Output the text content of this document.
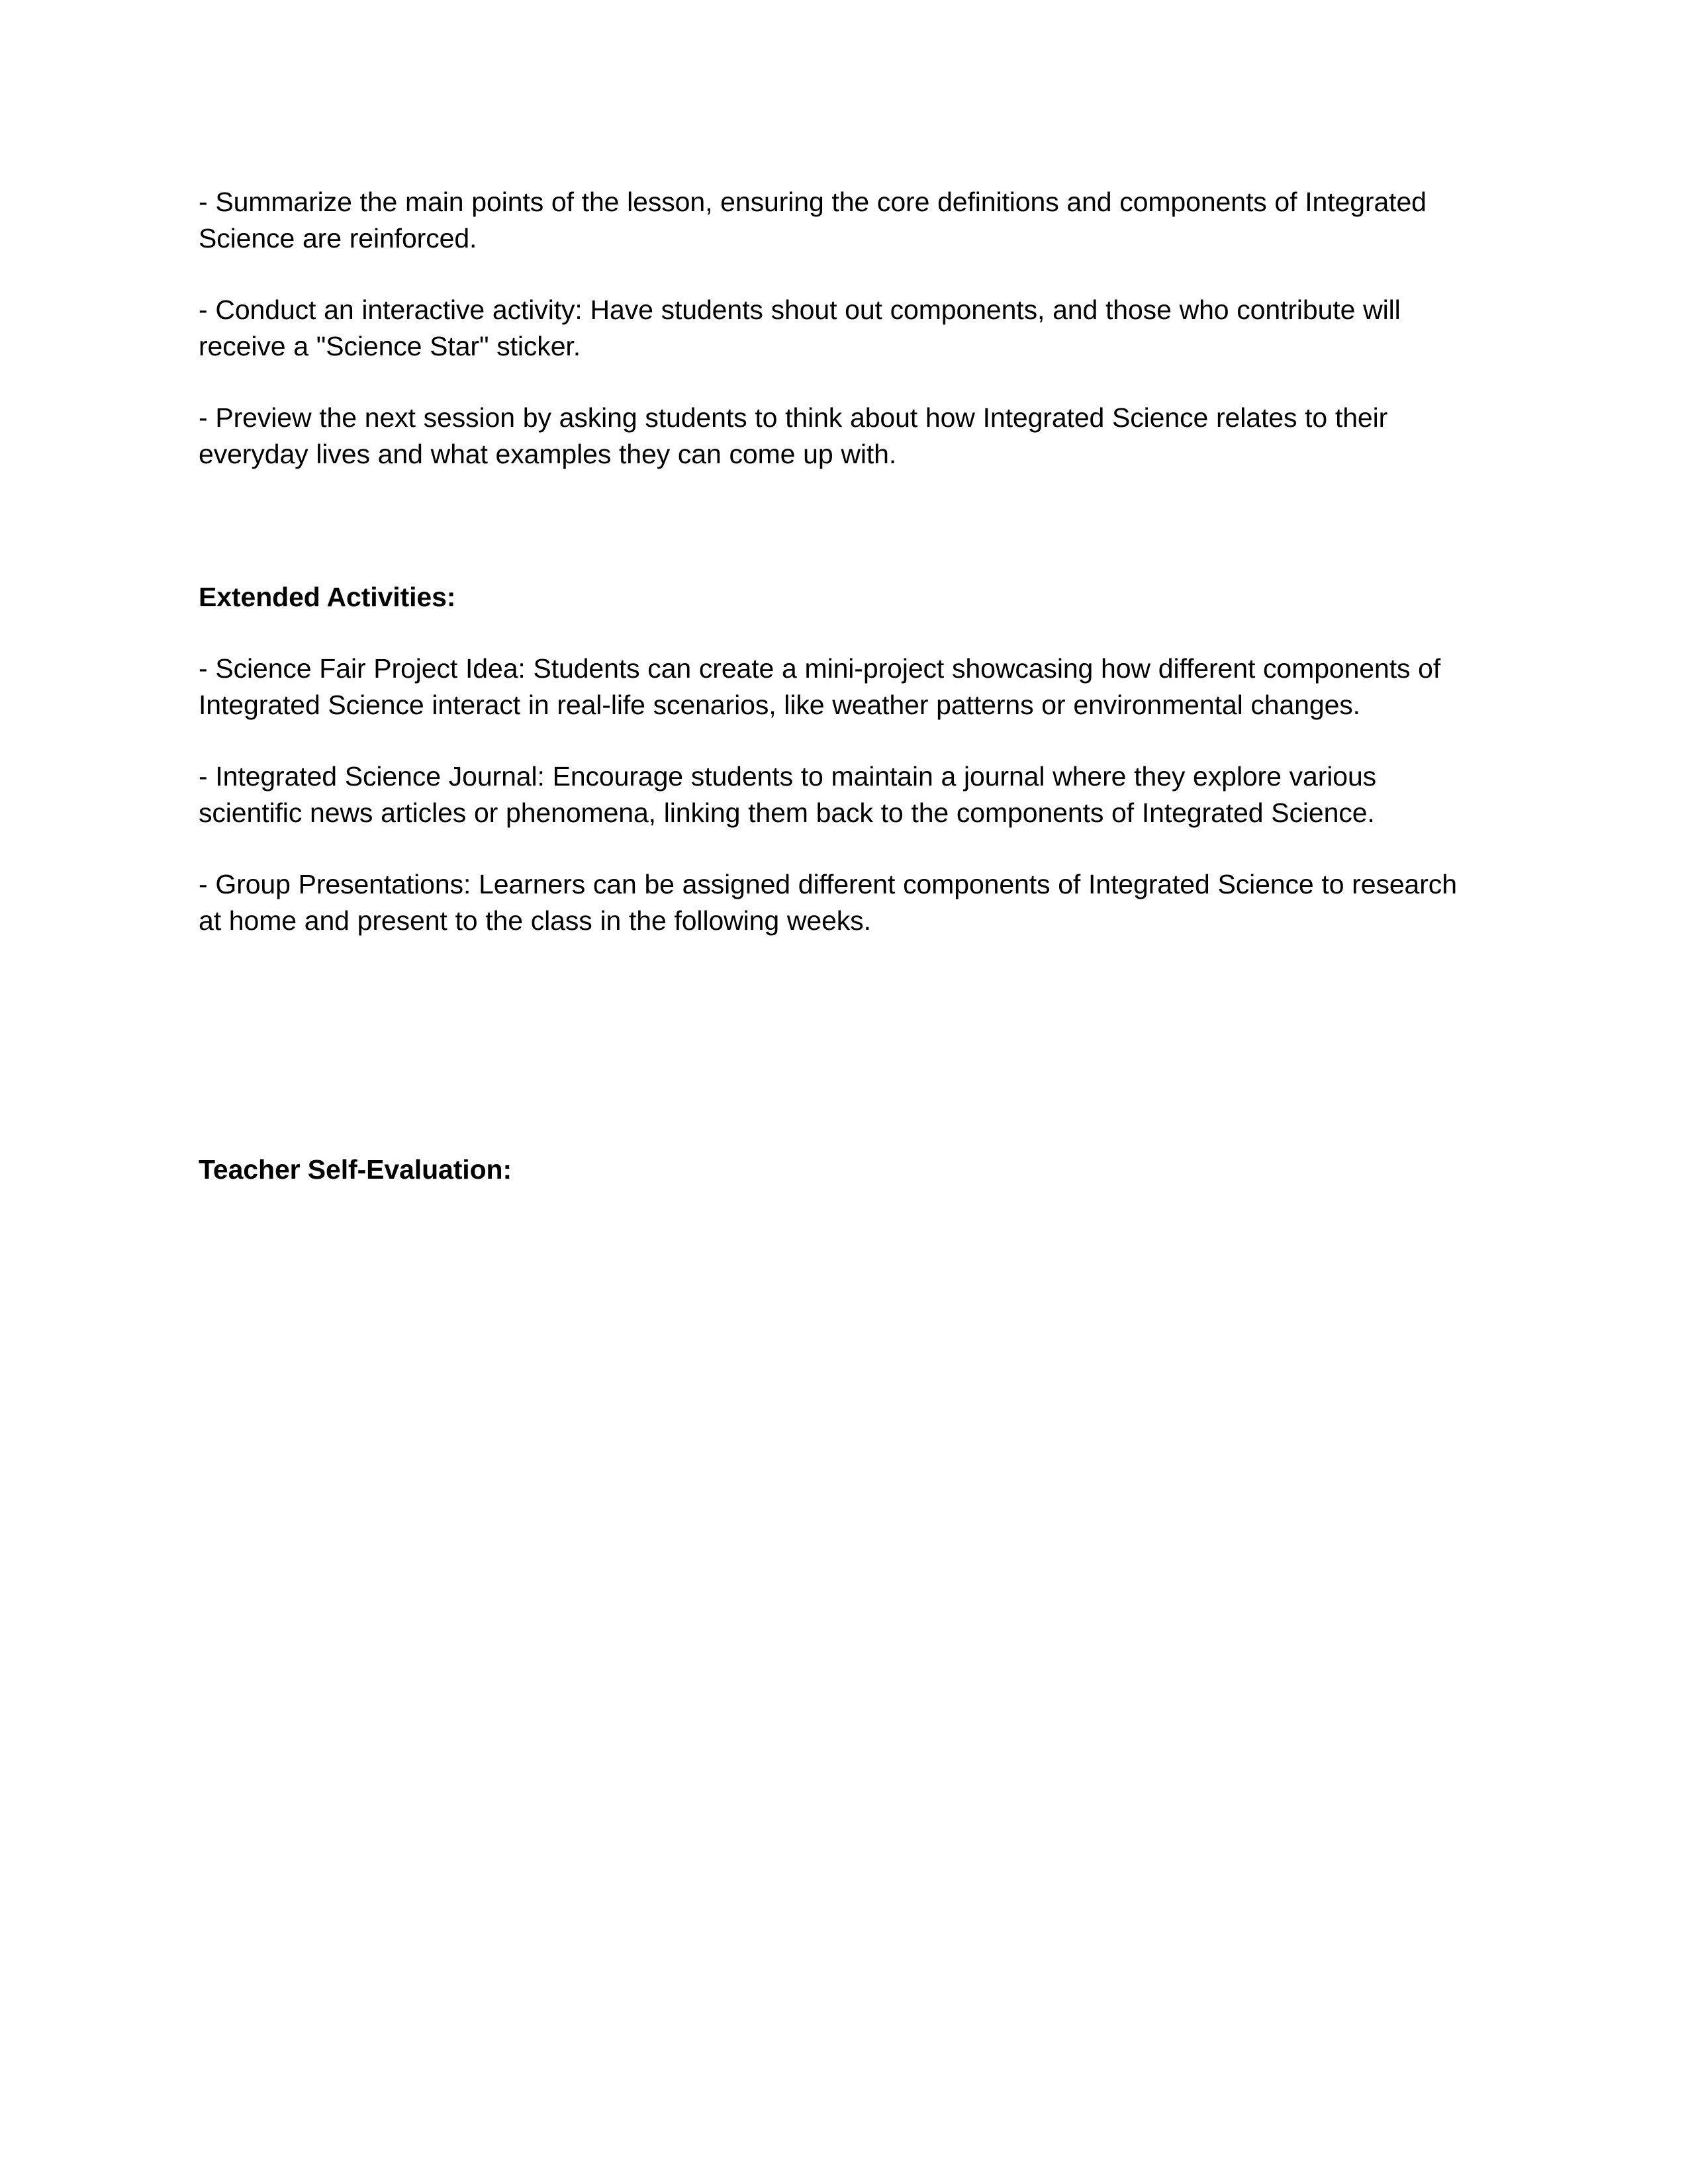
- Summarize the main points of the lesson, ensuring the core definitions and components of Integrated Science are reinforced.

- Conduct an interactive activity: Have students shout out components, and those who contribute will receive a "Science Star" sticker.

- Preview the next session by asking students to think about how Integrated Science relates to their everyday lives and what examples they can come up with.

Extended Activities:

- Science Fair Project Idea: Students can create a mini-project showcasing how different components of Integrated Science interact in real-life scenarios, like weather patterns or environmental changes.

- Integrated Science Journal: Encourage students to maintain a journal where they explore various scientific news articles or phenomena, linking them back to the components of Integrated Science.

- Group Presentations: Learners can be assigned different components of Integrated Science to research at home and present to the class in the following weeks.

Teacher Self-Evaluation:
